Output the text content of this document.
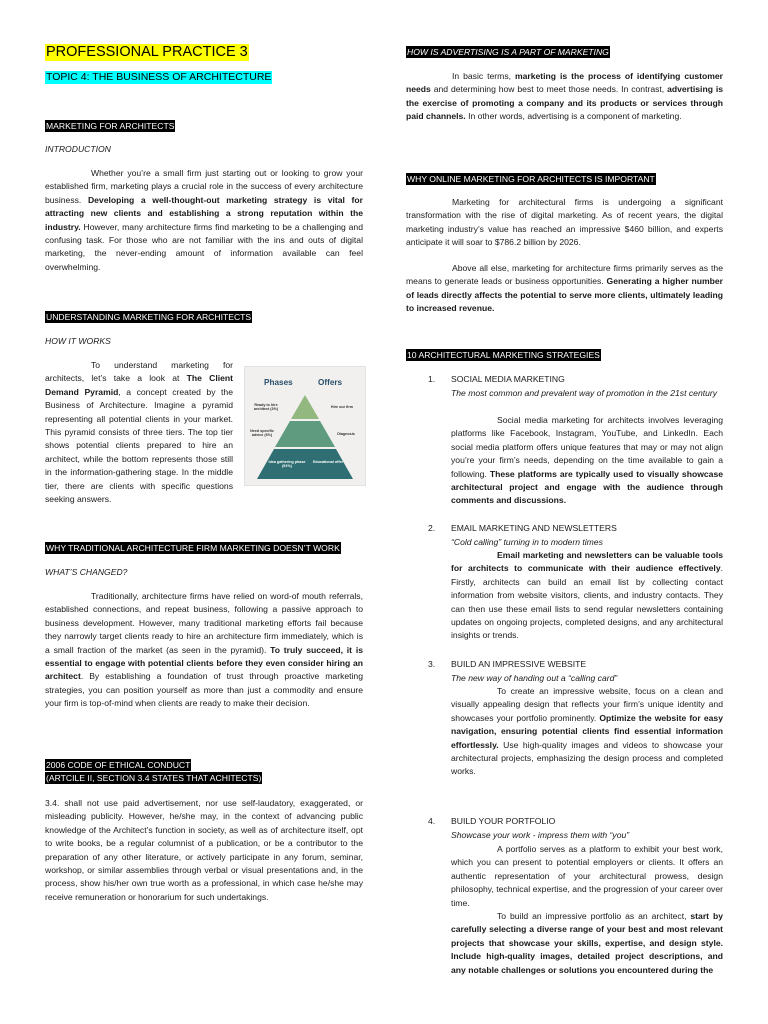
PROFESSIONAL PRACTICE 3
TOPIC 4: THE BUSINESS OF ARCHITECTURE
MARKETING FOR ARCHITECTS
INTRODUCTION
Whether you’re a small firm just starting out or looking to grow your established firm, marketing plays a crucial role in the success of every architecture business. Developing a well-thought-out marketing strategy is vital for attracting new clients and establishing a strong reputation within the industry. However, many architecture firms find marketing to be a challenging and confusing task. For those who are not familiar with the ins and outs of digital marketing, the never-ending amount of information available can feel overwhelming.
UNDERSTANDING MARKETING FOR ARCHITECTS
HOW IT WORKS
To understand marketing for architects, let’s take a look at The Client Demand Pyramid, a concept created by the Business of Architecture. Imagine a pyramid representing all potential clients in your market. This pyramid consists of three tiers. The top tier shows potential clients prepared to hire an architect, while the bottom represents those still in the information-gathering stage. In the middle tier, there are clients with specific questions seeking answers.
Phases	Offers
Ready to hire architect (3%)
Hire our firm
Need specific advice (6%)	Diagnosis
Idea gathering phase (91%)
Educational offer
WHY TRADITIONAL ARCHITECTURE FIRM MARKETING DOESN’T WORK
WHAT’S CHANGED?
Traditionally, architecture firms have relied on word-of mouth referrals, established connections, and repeat business, following a passive approach to business development. However, many traditional marketing efforts fail because they narrowly target clients ready to hire an architecture firm immediately, which is a small fraction of the market (as seen in the pyramid). To truly succeed, it is essential to engage with potential clients before they even consider hiring an architect. By establishing a foundation of trust through proactive marketing strategies, you can position yourself as more than just a commodity and ensure your firm is top-of-mind when clients are ready to make their decision.
2006 CODE OF ETHICAL CONDUCT
(ARTCILE II, SECTION 3.4 STATES THAT ACHITECTS)
3.4. shall not use paid advertisement, nor use self-laudatory, exaggerated, or misleading publicity. However, he/she may, in the context of advancing public knowledge of the Architect’s function in society, as well as of architecture itself, opt to write books, be a regular columnist of a publication, or be a contributor to the preparation of any other literature, or actively participate in any forum, seminar, workshop, or similar assemblies through verbal or visual presentations and, in the process, show his/her own true worth as a professional, in which case he/she may receive remuneration or honorarium for such undertakings.
HOW IS ADVERTISING IS A PART OF MARKETING
In basic terms, marketing is the process of identifying customer needs and determining how best to meet those needs. In contrast, advertising is the exercise of promoting a company and its products or services through paid channels. In other words, advertising is a component of marketing.
WHY ONLINE MARKETING FOR ARCHITECTS IS IMPORTANT
Marketing for architectural firms is undergoing a significant transformation with the rise of digital marketing. As of recent years, the digital marketing industry’s value has reached an impressive $460 billion, and experts anticipate it will soar to $786.2 billion by 2026.
Above all else, marketing for architecture firms primarily serves as the means to generate leads or business opportunities. Generating a higher number of leads directly affects the potential to serve more clients, ultimately leading to increased revenue.
10 ARCHITECTURAL MARKETING STRATEGIES
1. SOCIAL MEDIA MARKETING
The most common and prevalent way of promotion in the 21st century
Social media marketing for architects involves leveraging platforms like Facebook, Instagram, YouTube, and LinkedIn. Each social media platform offers unique features that may or may not align you’re your firm’s needs, depending on the time available to gain a following. These platforms are typically used to visually showcase architectural project and engage with the audience through comments and discussions.
2. EMAIL MARKETING AND NEWSLETTERS
“Cold calling” turning in to modern times
Email marketing and newsletters can be valuable tools for architects to communicate with their audience effectively. Firstly, architects can build an email list by collecting contact information from website visitors, clients, and industry contacts. They can then use these email lists to send regular newsletters containing updates on ongoing projects, completed designs, and any architectural insights or trends.
3. BUILD AN IMPRESSIVE WEBSITE
The new way of handing out a “calling card”
To create an impressive website, focus on a clean and visually appealing design that reflects your firm’s unique identity and showcases your portfolio prominently. Optimize the website for easy navigation, ensuring potential clients find essential information effortlessly. Use high-quality images and videos to showcase your architectural projects, emphasizing the design process and completed works.
4. BUILD YOUR PORTFOLIO
Showcase your work - impress them with “you”
A portfolio serves as a platform to exhibit your best work, which you can present to potential employers or clients. It offers an authentic representation of your architectural prowess, design philosophy, technical expertise, and the progression of your career over time.
To build an impressive portfolio as an architect, start by carefully selecting a diverse range of your best and most relevant projects that showcase your skills, expertise, and design style. Include high-quality images, detailed project descriptions, and any notable challenges or solutions you encountered during the
